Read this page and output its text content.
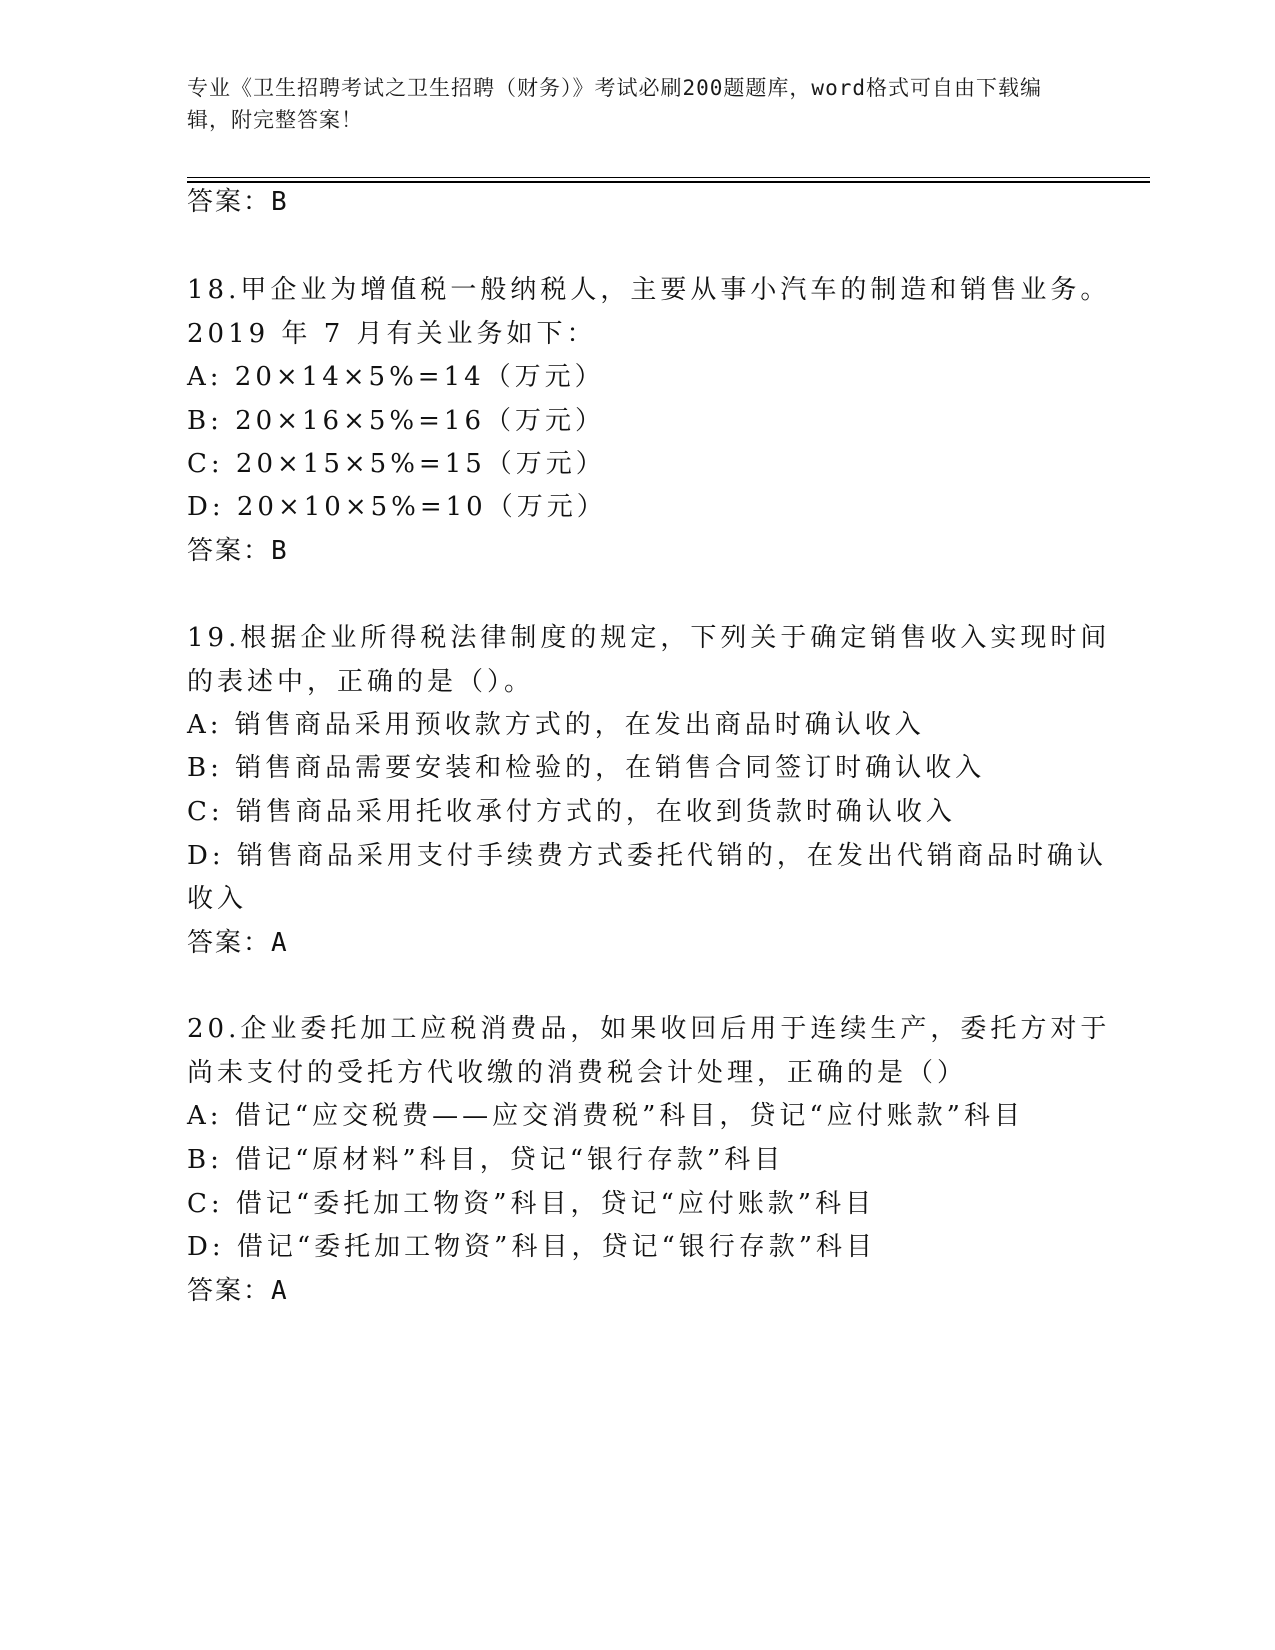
专业《卫生招聘考试之卫生招聘（财务）》考试必刷200题题库，word格式可自由下载编辑，附完整答案！
答案：B
18.甲企业为增值税一般纳税人，主要从事小汽车的制造和销售业务。
2019 年 7 月有关业务如下：
A: 20×14×5%=14（万元）
B: 20×16×5%=16（万元）
C: 20×15×5%=15（万元）
D: 20×10×5%=10（万元）
答案：B
19.根据企业所得税法律制度的规定，下列关于确定销售收入实现时间
的表述中，正确的是（）。
A: 销售商品采用预收款方式的，在发出商品时确认收入
B: 销售商品需要安装和检验的，在销售合同签订时确认收入
C: 销售商品采用托收承付方式的，在收到货款时确认收入
D: 销售商品采用支付手续费方式委托代销的，在发出代销商品时确认
收入
答案：A
20.企业委托加工应税消费品，如果收回后用于连续生产，委托方对于
尚未支付的受托方代收缴的消费税会计处理，正确的是（）
A: 借记“应交税费——应交消费税”科目，贷记“应付账款”科目
B: 借记“原材料”科目，贷记“银行存款”科目
C: 借记“委托加工物资”科目，贷记“应付账款”科目
D: 借记“委托加工物资”科目，贷记“银行存款”科目
答案：A
